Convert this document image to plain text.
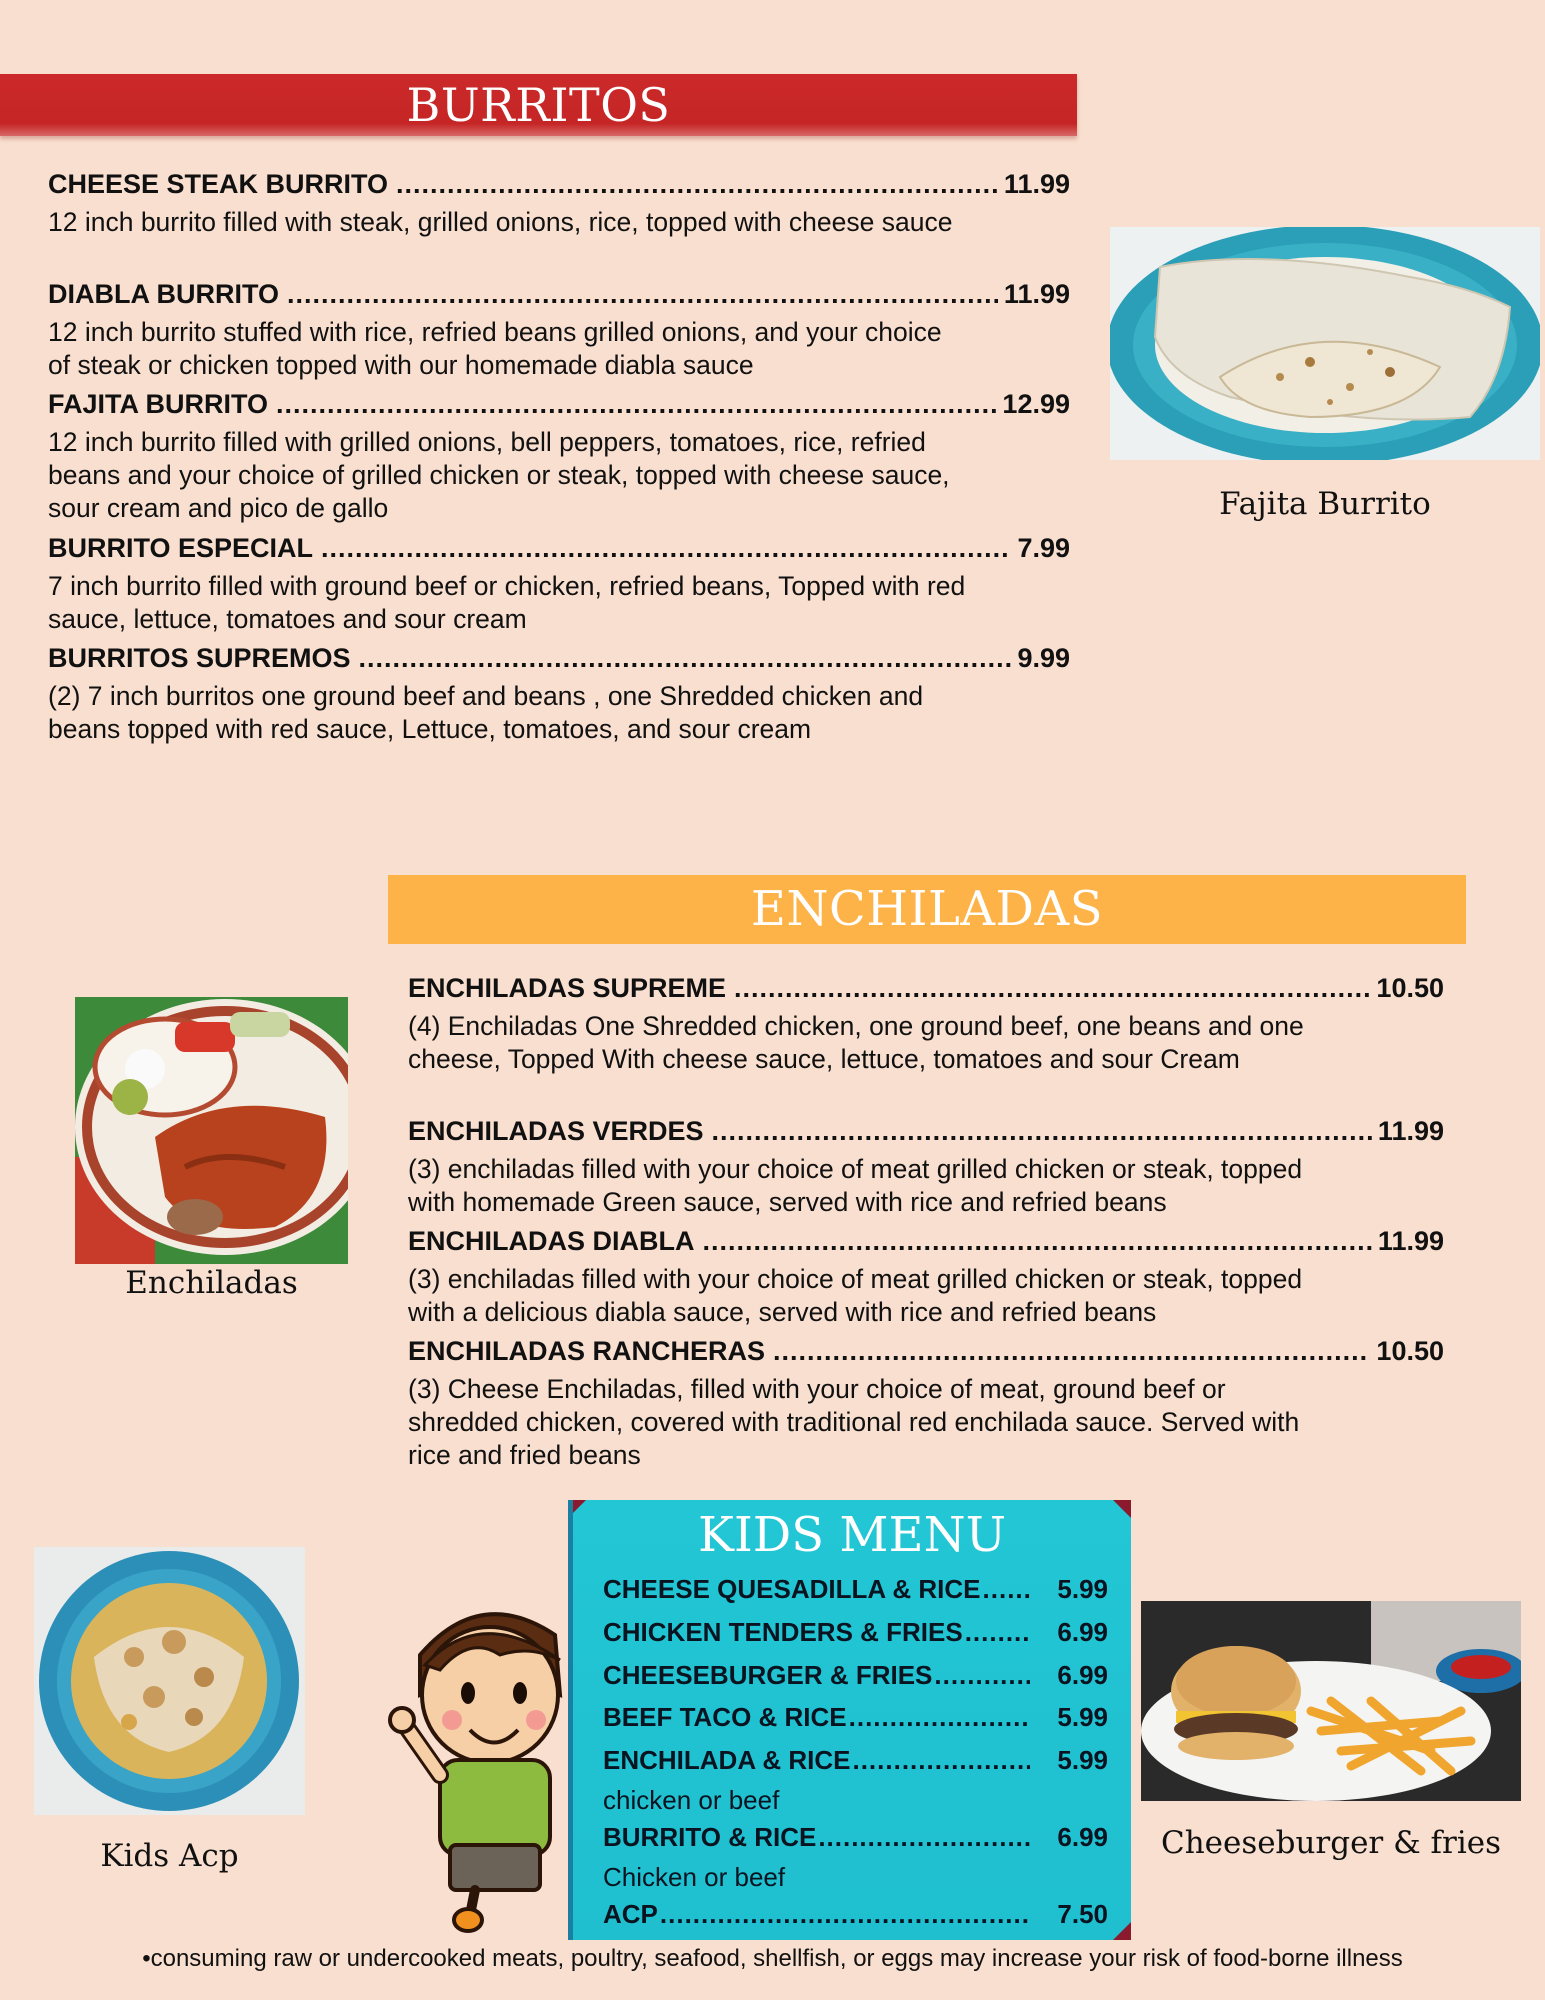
BURRITOS
CHEESE STEAK BURRITO .....	11.99
12 inch burrito filled with steak, grilled onions, rice, topped with cheese sauce
DIABLA BURRITO .....	11.99
12 inch burrito stuffed with rice, refried beans grilled onions, and your choice of steak or chicken topped with our homemade diabla sauce
FAJITA BURRITO .....	12.99
12 inch burrito filled with grilled onions, bell peppers, tomatoes, rice, refried beans and your choice of grilled chicken or steak, topped with cheese sauce, sour cream and pico de gallo
BURRITO ESPECIAL .....	7.99
7 inch burrito filled with ground beef or chicken, refried beans, Topped with red sauce, lettuce, tomatoes and sour cream
BURRITOS SUPREMOS .....	9.99
(2) 7 inch burritos one ground beef and beans , one Shredded chicken and beans topped with red sauce, Lettuce, tomatoes, and sour cream
Fajita Burrito
ENCHILADAS
ENCHILADAS SUPREME .....	10.50
(4) Enchiladas One Shredded chicken, one ground beef, one beans and one cheese, Topped With cheese sauce, lettuce, tomatoes and sour Cream
ENCHILADAS VERDES .....	11.99
(3) enchiladas filled with your choice of meat grilled chicken or steak, topped with homemade Green sauce, served with rice and refried beans
ENCHILADAS DIABLA .....	11.99
(3) enchiladas filled with your choice of meat grilled chicken or steak, topped with a delicious diabla sauce, served with rice and refried beans
ENCHILADAS RANCHERAS .....	10.50
(3) Cheese Enchiladas, filled with your choice of meat, ground beef or shredded chicken, covered with traditional red enchilada sauce. Served with rice and fried beans
Enchiladas
Kids Acp
KIDS MENU
CHEESE QUESADILLA & RICE .....	5.99
CHICKEN TENDERS & FRIES .....	6.99
CHEESEBURGER & FRIES .....	6.99
BEEF TACO & RICE .....	5.99
ENCHILADA & RICE .....	5.99
chicken or beef
BURRITO & RICE .....	6.99
Chicken or beef
ACP .....	7.50
Cheeseburger & fries
•consuming raw or undercooked meats, poultry, seafood, shellfish, or eggs may increase your risk of food-borne illness
